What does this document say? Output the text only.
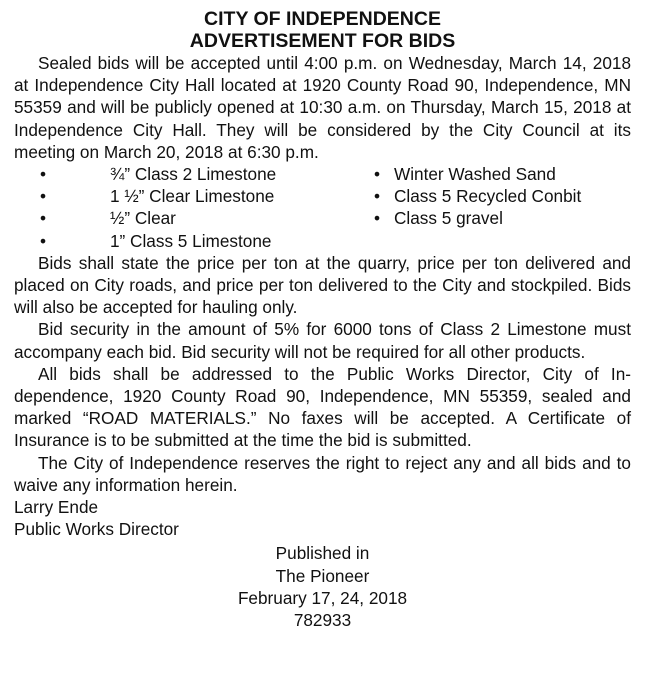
CITY OF INDEPENDENCE
ADVERTISEMENT FOR BIDS

Sealed bids will be accepted until 4:00 p.m. on Wednesday, March 14, 2018 at Independence City Hall located at 1920 County Road 90, Independence, MN 55359 and will be publicly opened at 10:30 a.m. on Thursday, March 15, 2018 at Independence City Hall. They will be considered by the City Council at its meeting on March 20, 2018 at 6:30 p.m.

•	¾” Class 2 Limestone
•	1 ½” Clear Limestone
•	½” Clear
•	1” Class 5 Limestone
• Winter Washed Sand
• Class 5 Recycled Conbit
• Class 5 gravel

Bids shall state the price per ton at the quarry, price per ton delivered and placed on City roads, and price per ton delivered to the City and stockpiled. Bids will also be accepted for hauling only.

Bid security in the amount of 5% for 6000 tons of Class 2 Limestone must accompany each bid. Bid security will not be required for all other products.

All bids shall be addressed to the Public Works Director, City of Independence, 1920 County Road 90, Independence, MN 55359, sealed and marked “ROAD MATERIALS.” No faxes will be accepted. A Certificate of Insurance is to be submitted at the time the bid is submitted.

The City of Independence reserves the right to reject any and all bids and to waive any information herein.

Larry Ende
Public Works Director

Published in
The Pioneer
February 17, 24, 2018
782933
